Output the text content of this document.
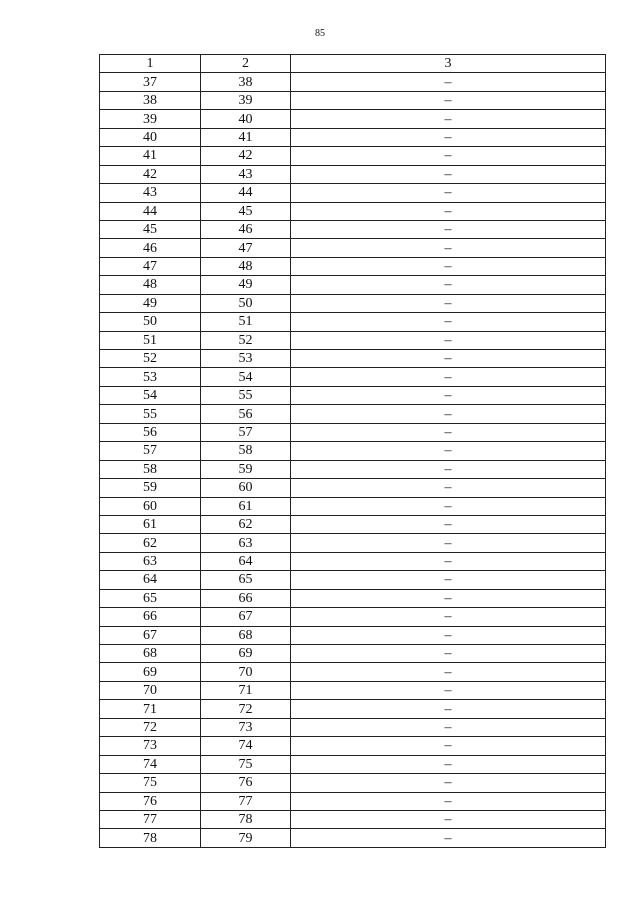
85
1	2	3
37	38	–
38	39	–
39	40	–
40	41	–
41	42	–
42	43	–
43	44	–
44	45	–
45	46	–
46	47	–
47	48	–
48	49	–
49	50	–
50	51	–
51	52	–
52	53	–
53	54	–
54	55	–
55	56	–
56	57	–
57	58	–
58	59	–
59	60	–
60	61	–
61	62	–
62	63	–
63	64	–
64	65	–
65	66	–
66	67	–
67	68	–
68	69	–
69	70	–
70	71	–
71	72	–
72	73	–
73	74	–
74	75	–
75	76	–
76	77	–
77	78	–
78	79	–
